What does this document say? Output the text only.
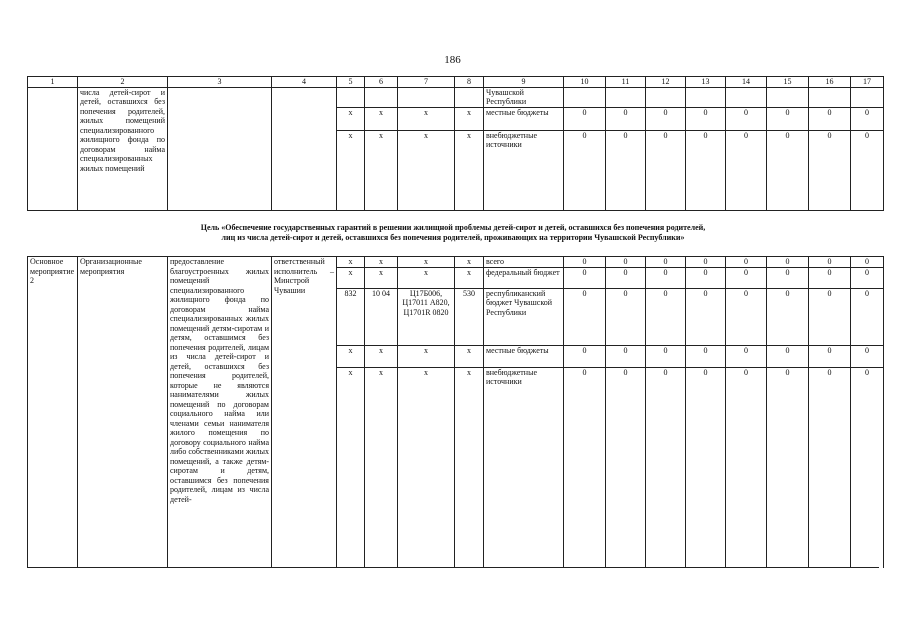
186
1	2	3	4	5	6	7	8	9	10	11	12	13	14	15	16	17
	числа детей-сирот и детей, оставшихся без попечения родителей, жилых помещений специализированного жилищного фонда по договорам найма специализированных жилых помещений							Чувашской Республики								
				х	х	х	х	местные бюджеты	0	0	0	0	0	0	0	0
				х	х	х	х	внебюджетные источники	0	0	0	0	0	0	0	0
Цель «Обеспечение государственных гарантий в решении жилищной проблемы детей-сирот и детей, оставшихся без попечения родителей,
лиц из числа детей-сирот и детей, оставшихся без попечения родителей, проживающих на территории Чувашской Республики»
Основное мероприятие 2	Организационные мероприятия	предоставление благоустроенных жилых помещений специализированного жилищного фонда по договорам найма специализированных жилых помещений детям-сиротам и детям, оставшимся без попечения родителей, лицам из числа детей-сирот и детей, оставшихся без попечения родителей, которые не являются нанимателями жилых помещений по договорам социального найма или членами семьи нанимателя жилого помещения по договору социального найма либо собственниками жилых помещений, а также детям-сиротам и детям, оставшимся без попечения родителей, лицам из числа детей-	ответственный исполнитель – Минстрой Чувашии	х	х	х	х	всего	0	0	0	0	0	0	0	0
				х	х	х	х	федеральный бюджет	0	0	0	0	0	0	0	0
				832	10 04	Ц17Б006, Ц17011 А820, Ц1701R 0820	530	республиканский бюджет Чувашской Республики	0	0	0	0	0	0	0	0
				х	х	х	х	местные бюджеты	0	0	0	0	0	0	0	0
				х	х	х	х	внебюджетные источники	0	0	0	0	0	0	0	0
